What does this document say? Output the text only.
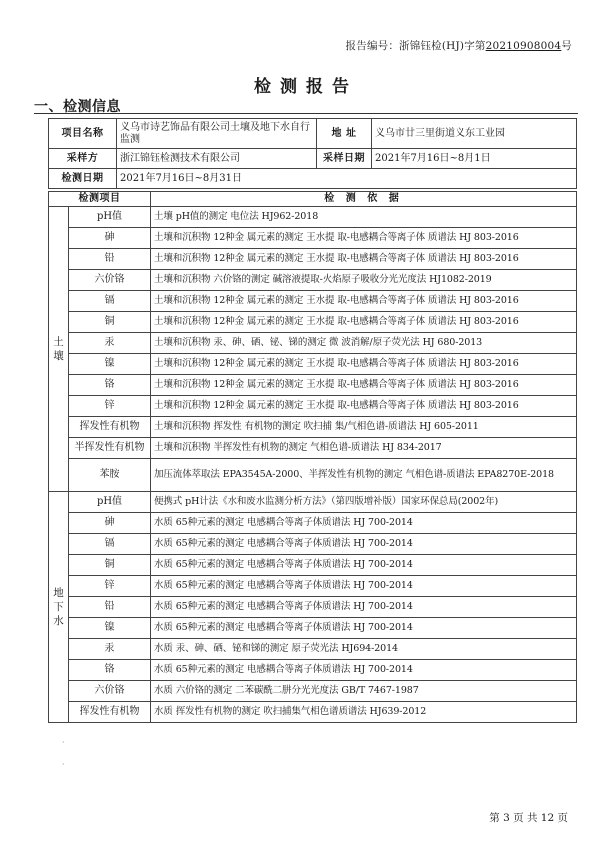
报告编号：浙锦钰检(HJ)字第20210908004号
检测报告
一、检测信息
项目名称	义乌市诗艺饰品有限公司土壤及地下水自行监测	地 址	义乌市廿三里街道义东工业园
采样方	浙江锦钰检测技术有限公司	采样日期	2021年7月16日~8月1日
检测日期	2021年7月16日~8月31日		
检测项目		检 测 依 据
土壤	pH值	土壤 pH值的测定 电位法 HJ962-2018
	砷	土壤和沉积物 12种金 属元素的测定 王水提 取-电感耦合等离子体 质谱法 HJ 803-2016
	铅	土壤和沉积物 12种金 属元素的测定 王水提 取-电感耦合等离子体 质谱法 HJ 803-2016
	六价铬	土壤和沉积物 六价铬的测定 碱溶液提取-火焰原子吸收分光光度法 HJ1082-2019
	镉	土壤和沉积物 12种金 属元素的测定 王水提 取-电感耦合等离子体 质谱法 HJ 803-2016
	铜	土壤和沉积物 12种金 属元素的测定 王水提 取-电感耦合等离子体 质谱法 HJ 803-2016
	汞	土壤和沉积物 汞、砷、硒、铋、锑的测定 微 波消解/原子荧光法 HJ 680-2013
	镍	土壤和沉积物 12种金 属元素的测定 王水提 取-电感耦合等离子体 质谱法 HJ 803-2016
	铬	土壤和沉积物 12种金 属元素的测定 王水提 取-电感耦合等离子体 质谱法 HJ 803-2016
	锌	土壤和沉积物 12种金 属元素的测定 王水提 取-电感耦合等离子体 质谱法 HJ 803-2016
	挥发性有机物	土壤和沉积物 挥发性 有机物的测定 吹扫捕 集/气相色谱-质谱法 HJ 605-2011
	半挥发性有机物	土壤和沉积物 半挥发性有机物的测定 气相色谱-质谱法 HJ 834-2017
	苯胺	加压流体萃取法 EPA3545A-2000、半挥发性有机物的测定 气相色谱-质谱法 EPA8270E-2018
地下水	pH值	便携式 pH计法《水和废水监测分析方法》（第四版增补版）国家环保总局(2002年)
	砷	水质 65种元素的测定 电感耦合等离子体质谱法 HJ 700-2014
	镉	水质 65种元素的测定 电感耦合等离子体质谱法 HJ 700-2014
	铜	水质 65种元素的测定 电感耦合等离子体质谱法 HJ 700-2014
	锌	水质 65种元素的测定 电感耦合等离子体质谱法 HJ 700-2014
	铅	水质 65种元素的测定 电感耦合等离子体质谱法 HJ 700-2014
	镍	水质 65种元素的测定 电感耦合等离子体质谱法 HJ 700-2014
	汞	水质 汞、砷、硒、铋和锑的测定 原子荧光法 HJ694-2014
	铬	水质 65种元素的测定 电感耦合等离子体质谱法 HJ 700-2014
	六价铬	水质 六价铬的测定 二苯碳酰二肼分光光度法 GB/T 7467-1987
	挥发性有机物	水质 挥发性有机物的测定 吹扫捕集气相色谱质谱法 HJ639-2012
·
·
第 3 页 共 12 页
